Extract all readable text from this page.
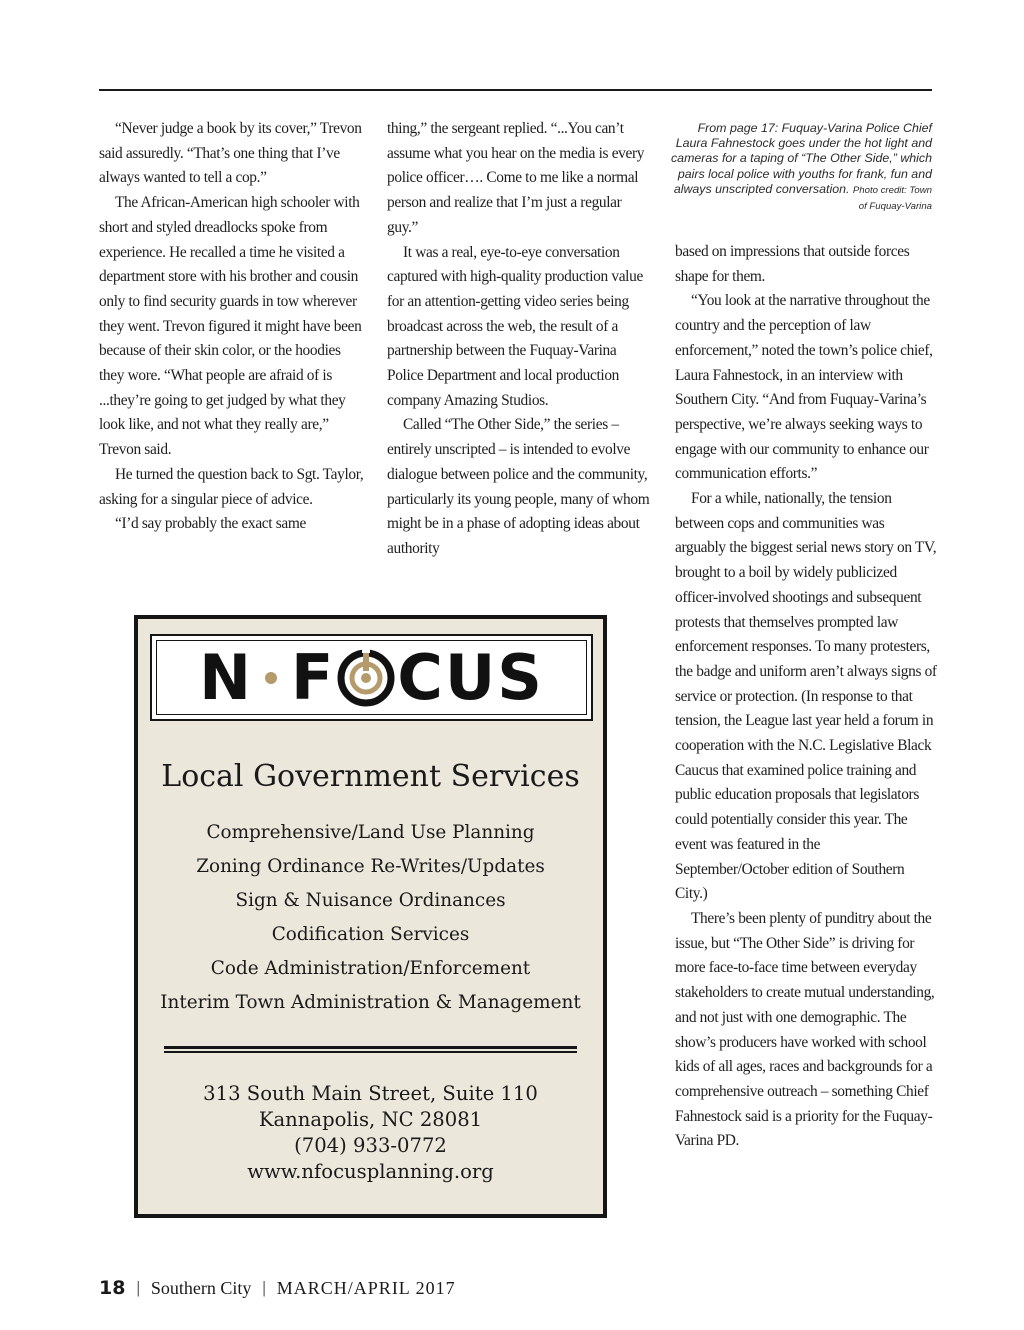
“Never judge a book by its cover,” Trevon said assuredly. “That’s one thing that I’ve always wanted to tell a cop.”

The African-American high schooler with short and styled dreadlocks spoke from experience. He recalled a time he visited a department store with his brother and cousin only to find security guards in tow wherever they went. Trevon figured it might have been because of their skin color, or the hoodies they wore. “What people are afraid of is ...they’re going to get judged by what they look like, and not what they really are,” Trevon said.

He turned the question back to Sgt. Taylor, asking for a singular piece of advice.

“I’d say probably the exact same

thing,” the sergeant replied. “...You can’t assume what you hear on the media is every police officer…. Come to me like a normal person and realize that I’m just a regular guy.”

It was a real, eye-to-eye conversation captured with high-quality production value for an attention-getting video series being broadcast across the web, the result of a partnership between the Fuquay-Varina Police Department and local production company Amazing Studios.

Called “The Other Side,” the series – entirely unscripted – is intended to evolve dialogue between police and the community, particularly its young people, many of whom might be in a phase of adopting ideas about authority

From page 17: Fuquay-Varina Police Chief Laura Fahnestock goes under the hot light and cameras for a taping of “The Other Side,” which pairs local police with youths for frank, fun and always unscripted conversation. Photo credit: Town of Fuquay-Varina

based on impressions that outside forces shape for them.

“You look at the narrative throughout the country and the perception of law enforcement,” noted the town’s police chief, Laura Fahnestock, in an interview with Southern City. “And from Fuquay-Varina’s perspective, we’re always seeking ways to engage with our community to enhance our communication efforts.”

For a while, nationally, the tension between cops and communities was arguably the biggest serial news story on TV, brought to a boil by widely publicized officer-involved shootings and subsequent protests that themselves prompted law enforcement responses. To many protesters, the badge and uniform aren’t always signs of service or protection. (In response to that tension, the League last year held a forum in cooperation with the N.C. Legislative Black Caucus that examined police training and public education proposals that legislators could potentially consider this year. The event was featured in the September/October edition of Southern City.)

There’s been plenty of punditry about the issue, but “The Other Side” is driving for more face-to-face time between everyday stakeholders to create mutual understanding, and not just with one demographic. The show’s producers have worked with school kids of all ages, races and backgrounds for a comprehensive outreach – something Chief Fahnestock said is a priority for the Fuquay-Varina PD.

N F CUS
Local Government Services
Comprehensive/Land Use Planning
Zoning Ordinance Re-Writes/Updates
Sign & Nuisance Ordinances
Codification Services
Code Administration/Enforcement
Interim Town Administration & Management
313 South Main Street, Suite 110
Kannapolis, NC 28081
(704) 933-0772
www.nfocusplanning.org
18 | Southern City | MARCH/APRIL 2017
